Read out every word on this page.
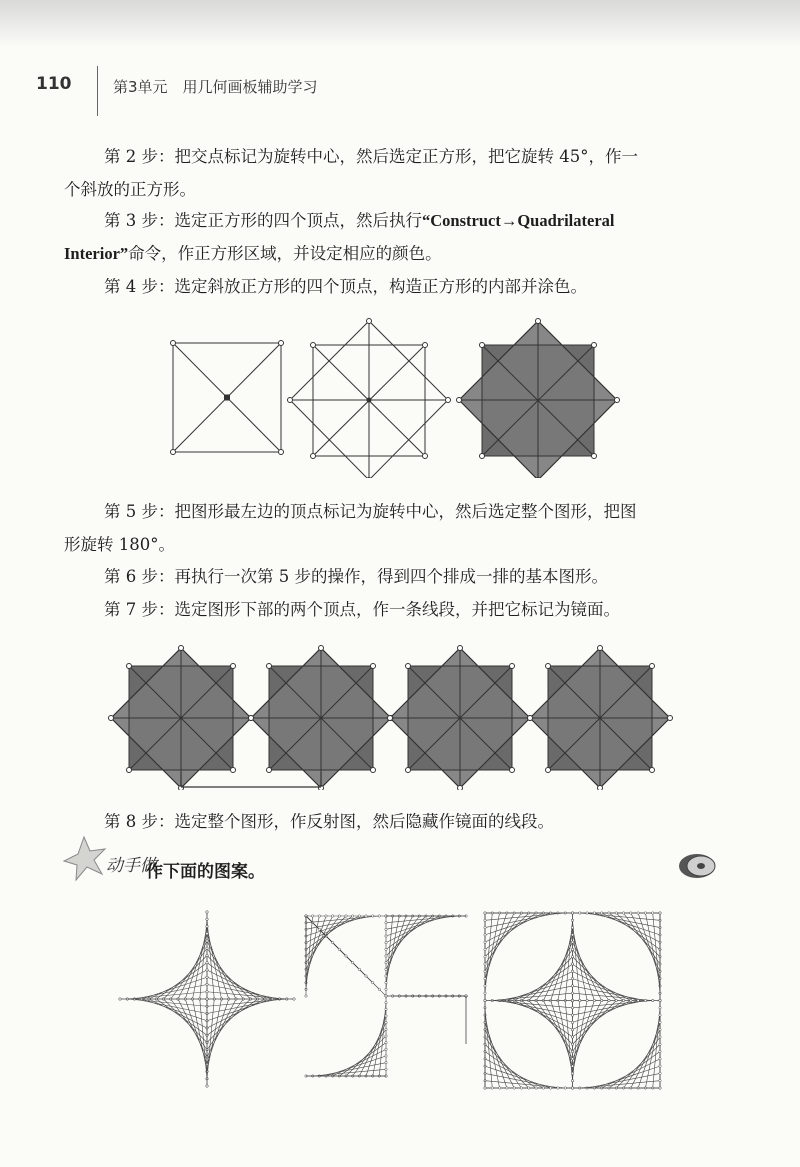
110	第3单元　用几何画板辅助学习
第 2 步：把交点标记为旋转中心，然后选定正方形，把它旋转 45°，作一
个斜放的正方形。
第 3 步：选定正方形的四个顶点，然后执行“Construct→Quadrilateral
Interior”命令，作正方形区域，并设定相应的颜色。
第 4 步：选定斜放正方形的四个顶点，构造正方形的内部并涂色。
第 5 步：把图形最左边的顶点标记为旋转中心，然后选定整个图形，把图
形旋转 180°。
第 6 步：再执行一次第 5 步的操作，得到四个排成一排的基本图形。
第 7 步：选定图形下部的两个顶点，作一条线段，并把它标记为镜面。
第 8 步：选定整个图形，作反射图，然后隐藏作镜面的线段。
动手做
作下面的图案。
